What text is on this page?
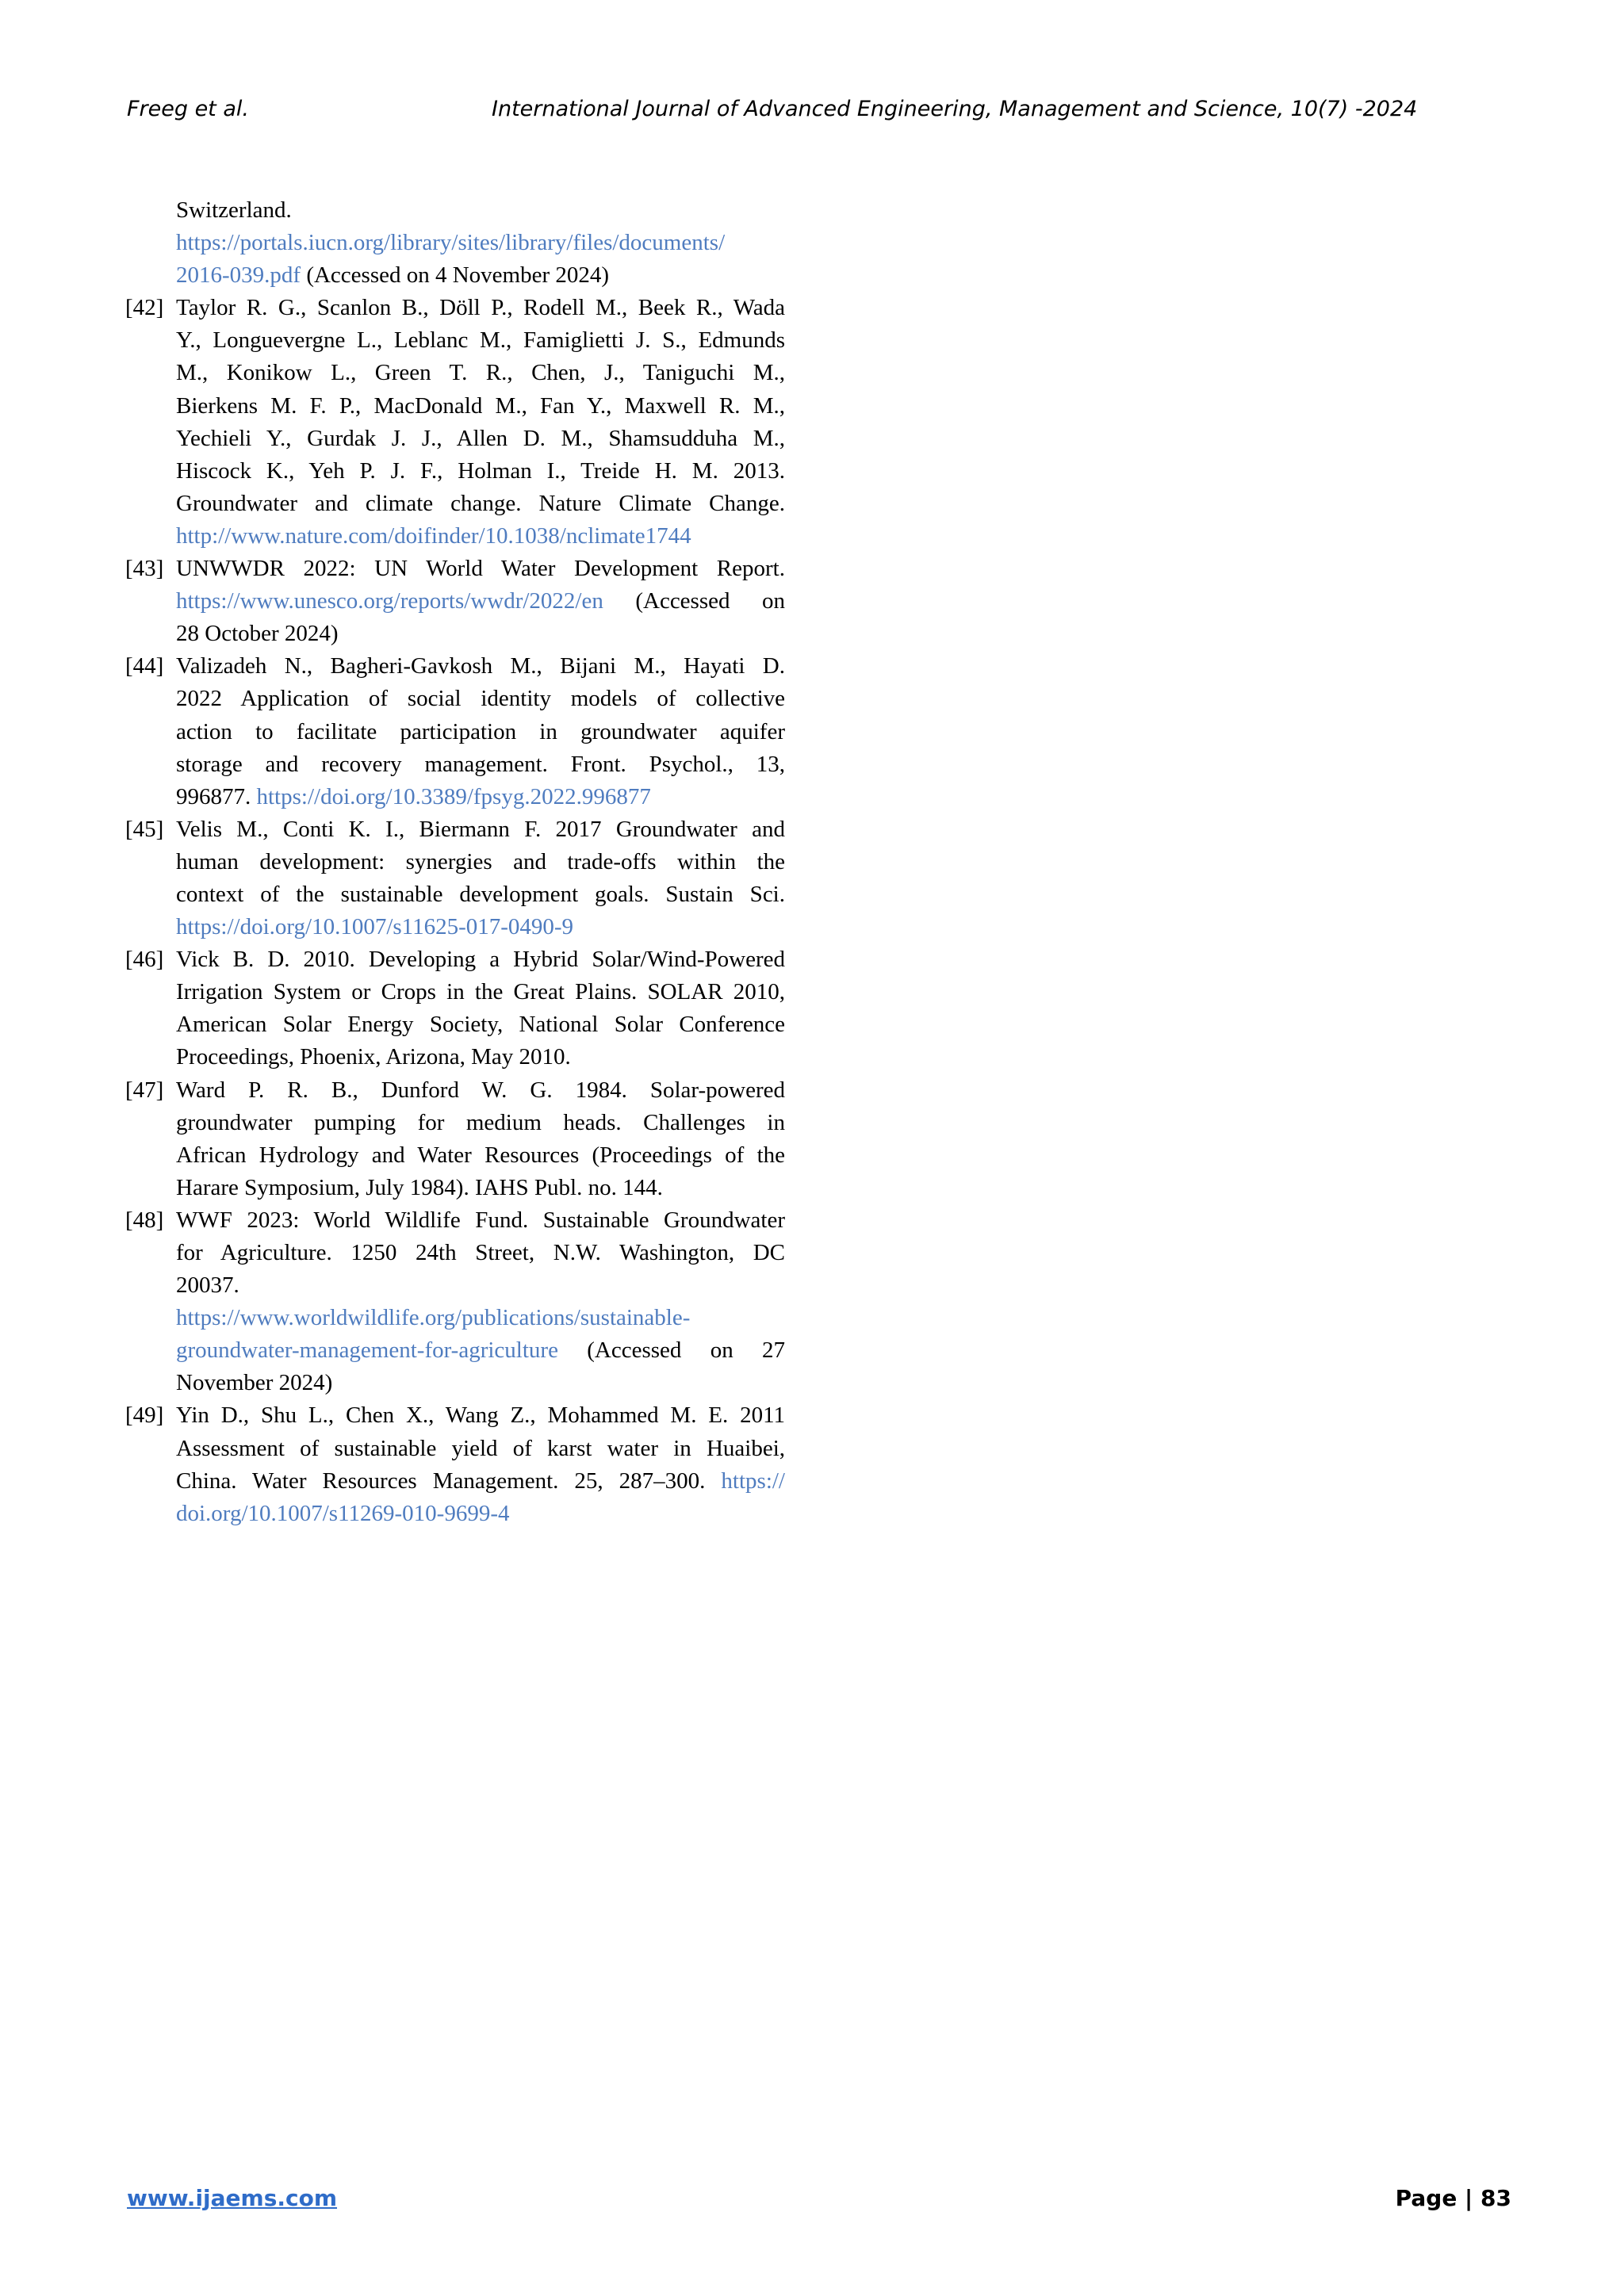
Freeg et al.	International Journal of Advanced Engineering, Management and Science, 10(7) -2024
Switzerland.
https://portals.iucn.org/library/sites/library/files/documents/
2016-039.pdf (Accessed on 4 November 2024)
[42] Taylor R. G., Scanlon B., Döll P., Rodell M., Beek R., Wada
Y., Longuevergne L., Leblanc M., Famiglietti J. S., Edmunds
M., Konikow L., Green T. R., Chen, J., Taniguchi M.,
Bierkens M. F. P., MacDonald M., Fan Y., Maxwell R. M.,
Yechieli Y., Gurdak J. J., Allen D. M., Shamsudduha M.,
Hiscock K., Yeh P. J. F., Holman I., Treide H. M. 2013.
Groundwater and climate change. Nature Climate Change.
http://www.nature.com/doifinder/10.1038/nclimate1744
[43] UNWWDR 2022: UN World Water Development Report.
https://www.unesco.org/reports/wwdr/2022/en (Accessed on
28 October 2024)
[44] Valizadeh N., Bagheri-Gavkosh M., Bijani M., Hayati D.
2022 Application of social identity models of collective
action to facilitate participation in groundwater aquifer
storage and recovery management. Front. Psychol., 13,
996877. https://doi.org/10.3389/fpsyg.2022.996877
[45] Velis M., Conti K. I., Biermann F. 2017 Groundwater and
human development: synergies and trade-offs within the
context of the sustainable development goals. Sustain Sci.
https://doi.org/10.1007/s11625-017-0490-9
[46] Vick B. D. 2010. Developing a Hybrid Solar/Wind-Powered
Irrigation System or Crops in the Great Plains. SOLAR 2010,
American Solar Energy Society, National Solar Conference
Proceedings, Phoenix, Arizona, May 2010.
[47] Ward P. R. B., Dunford W. G. 1984. Solar-powered
groundwater pumping for medium heads. Challenges in
African Hydrology and Water Resources (Proceedings of the
Harare Symposium, July 1984). IAHS Publ. no. 144.
[48] WWF 2023: World Wildlife Fund. Sustainable Groundwater
for Agriculture. 1250 24th Street, N.W. Washington, DC
20037.
https://www.worldwildlife.org/publications/sustainable-
groundwater-management-for-agriculture (Accessed on 27
November 2024)
[49] Yin D., Shu L., Chen X., Wang Z., Mohammed M. E. 2011
Assessment of sustainable yield of karst water in Huaibei,
China. Water Resources Management. 25, 287–300. https://
doi.org/10.1007/s11269-010-9699-4
www.ijaems.com	Page | 83
